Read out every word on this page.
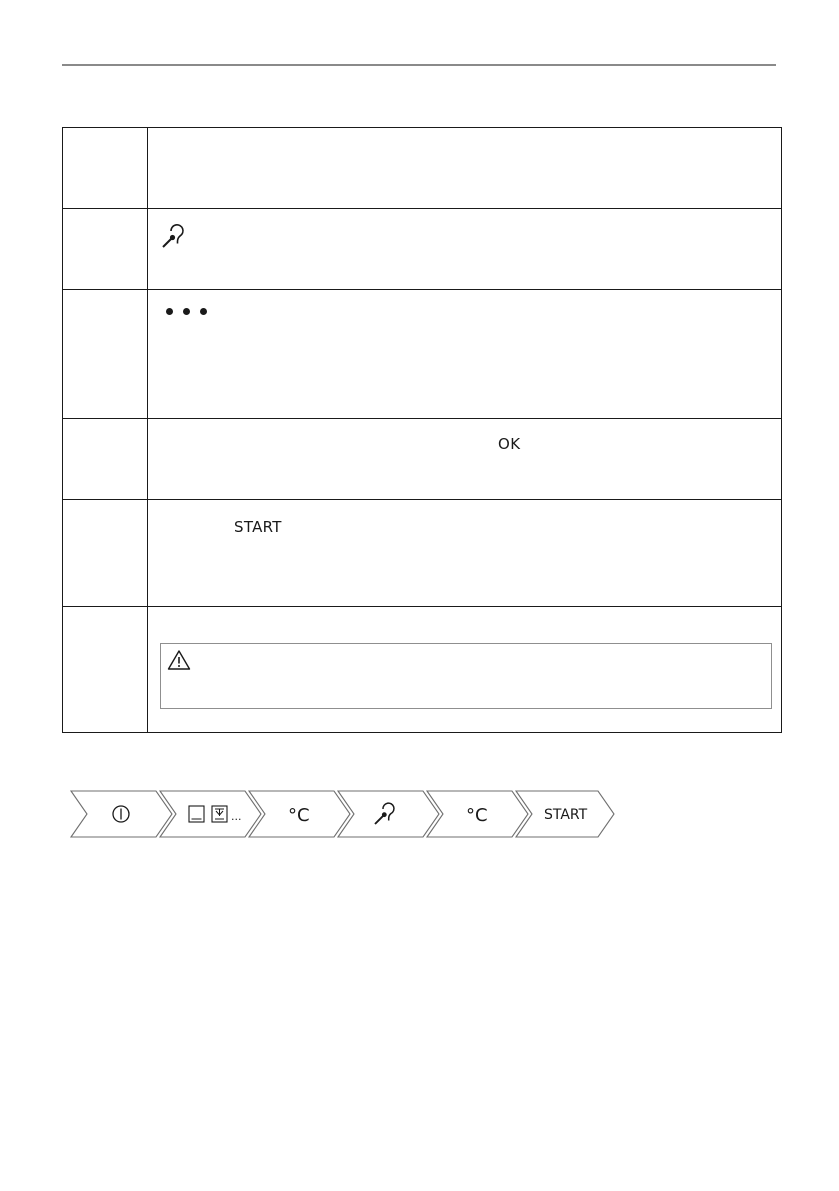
	OK

	START

...	°C	°C	START
